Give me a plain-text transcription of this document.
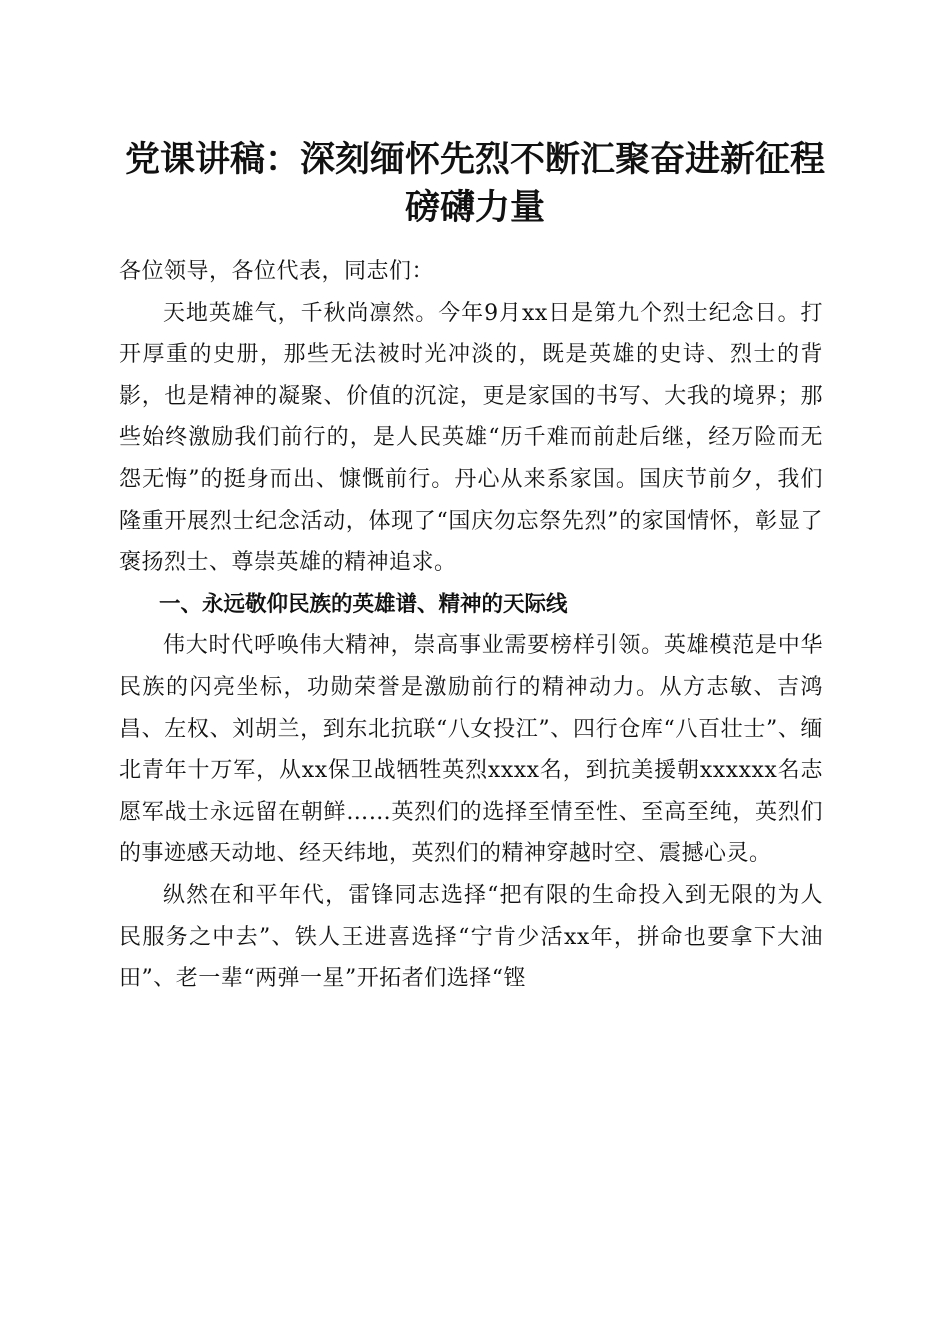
党课讲稿：深刻缅怀先烈不断汇聚奋进新征程
磅礴力量

各位领导，各位代表，同志们：

天地英雄气，千秋尚凛然。今年9月xx日是第九个烈士纪念日。打开厚重的史册，那些无法被时光冲淡的，既是英雄的史诗、烈士的背影，也是精神的凝聚、价值的沉淀，更是家国的书写、大我的境界；那些始终激励我们前行的，是人民英雄“历千难而前赴后继，经万险而无怨无悔”的挺身而出、慷慨前行。丹心从来系家国。国庆节前夕，我们隆重开展烈士纪念活动，体现了“国庆勿忘祭先烈”的家国情怀，彰显了褒扬烈士、尊崇英雄的精神追求。

一、永远敬仰民族的英雄谱、精神的天际线

伟大时代呼唤伟大精神，崇高事业需要榜样引领。英雄模范是中华民族的闪亮坐标，功勋荣誉是激励前行的精神动力。从方志敏、吉鸿昌、左权、刘胡兰，到东北抗联“八女投江”、四行仓库“八百壮士”、缅北青年十万军，从xx保卫战牺牲英烈xxxx名，到抗美援朝xxxxxx名志愿军战士永远留在朝鲜……英烈们的选择至情至性、至高至纯，英烈们的事迹感天动地、经天纬地，英烈们的精神穿越时空、震撼心灵。

纵然在和平年代，雷锋同志选择“把有限的生命投入到无限的为人民服务之中去”、铁人王进喜选择“宁肯少活xx年，拼命也要拿下大油田”、老一辈“两弹一星”开拓者们选择“铿
